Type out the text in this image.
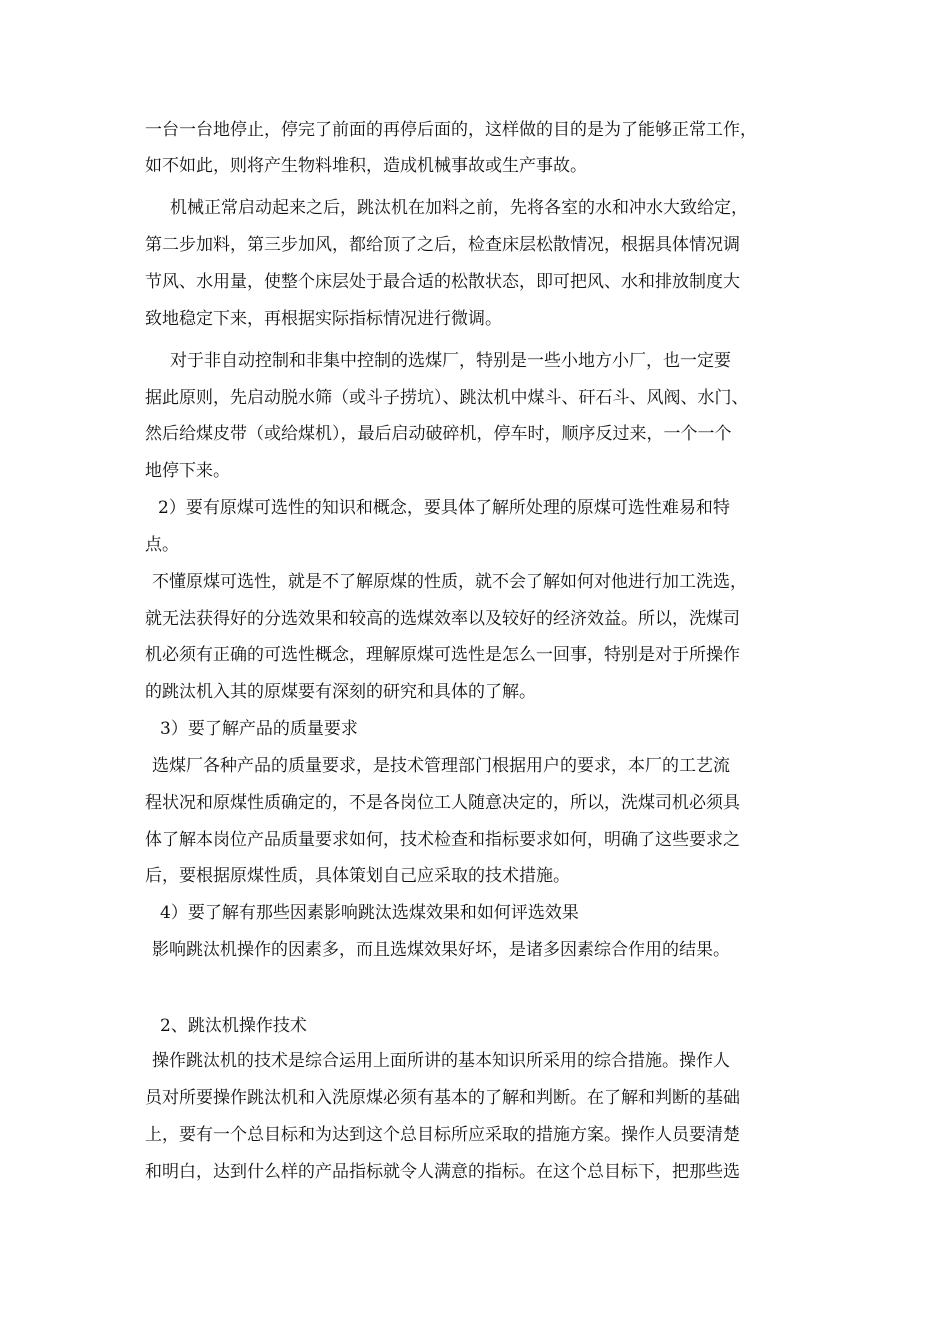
一台一台地停止，停完了前面的再停后面的，这样做的目的是为了能够正常工作，
如不如此，则将产生物料堆积，造成机械事故或生产事故。
机械正常启动起来之后，跳汰机在加料之前，先将各室的水和冲水大致给定，
第二步加料，第三步加风，都给顶了之后，检查床层松散情况，根据具体情况调
节风、水用量，使整个床层处于最合适的松散状态，即可把风、水和排放制度大
致地稳定下来，再根据实际指标情况进行微调。
对于非自动控制和非集中控制的选煤厂，特别是一些小地方小厂，也一定要
据此原则，先启动脱水筛（或斗子捞坑）、跳汰机中煤斗、矸石斗、风阀、水门、
然后给煤皮带（或给煤机），最后启动破碎机，停车时，顺序反过来，一个一个
地停下来。
2）要有原煤可选性的知识和概念，要具体了解所处理的原煤可选性难易和特
点。
不懂原煤可选性，就是不了解原煤的性质，就不会了解如何对他进行加工洗选，
就无法获得好的分选效果和较高的选煤效率以及较好的经济效益。所以，洗煤司
机必须有正确的可选性概念，理解原煤可选性是怎么一回事，特别是对于所操作
的跳汰机入其的原煤要有深刻的研究和具体的了解。
3）要了解产品的质量要求
选煤厂各种产品的质量要求，是技术管理部门根据用户的要求，本厂的工艺流
程状况和原煤性质确定的，不是各岗位工人随意决定的，所以，洗煤司机必须具
体了解本岗位产品质量要求如何，技术检查和指标要求如何，明确了这些要求之
后，要根据原煤性质，具体策划自己应采取的技术措施。
4）要了解有那些因素影响跳汰选煤效果和如何评选效果
影响跳汰机操作的因素多，而且选煤效果好坏，是诸多因素综合作用的结果。
2、跳汰机操作技术
操作跳汰机的技术是综合运用上面所讲的基本知识所采用的综合措施。操作人
员对所要操作跳汰机和入洗原煤必须有基本的了解和判断。在了解和判断的基础
上，要有一个总目标和为达到这个总目标所应采取的措施方案。操作人员要清楚
和明白，达到什么样的产品指标就令人满意的指标。在这个总目标下，把那些选
